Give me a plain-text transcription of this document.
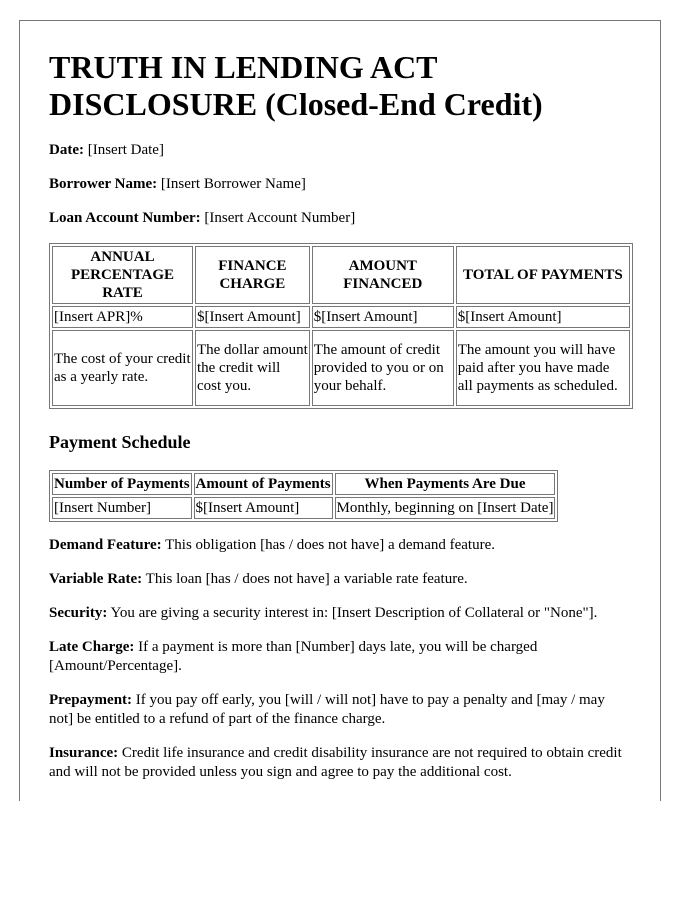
TRUTH IN LENDING ACT DISCLOSURE (Closed-End Credit)

Date: [Insert Date]

Borrower Name: [Insert Borrower Name]

Loan Account Number: [Insert Account Number]

ANNUAL PERCENTAGE RATE	FINANCE CHARGE	AMOUNT FINANCED	TOTAL OF PAYMENTS
[Insert APR]%	$[Insert Amount]	$[Insert Amount]	$[Insert Amount]
The cost of your credit as a yearly rate.	The dollar amount the credit will cost you.	The amount of credit provided to you or on your behalf.	The amount you will have paid after you have made all payments as scheduled.
Payment Schedule
Number of Payments	Amount of Payments	When Payments Are Due
[Insert Number]	$[Insert Amount]	Monthly, beginning on [Insert Date]

Demand Feature: This obligation [has / does not have] a demand feature.

Variable Rate: This loan [has / does not have] a variable rate feature.

Security: You are giving a security interest in: [Insert Description of Collateral or "None"].

Late Charge: If a payment is more than [Number] days late, you will be charged [Amount/Percentage].

Prepayment: If you pay off early, you [will / will not] have to pay a penalty and [may / may not] be entitled to a refund of part of the finance charge.

Insurance: Credit life insurance and credit disability insurance are not required to obtain credit and will not be provided unless you sign and agree to pay the additional cost.
